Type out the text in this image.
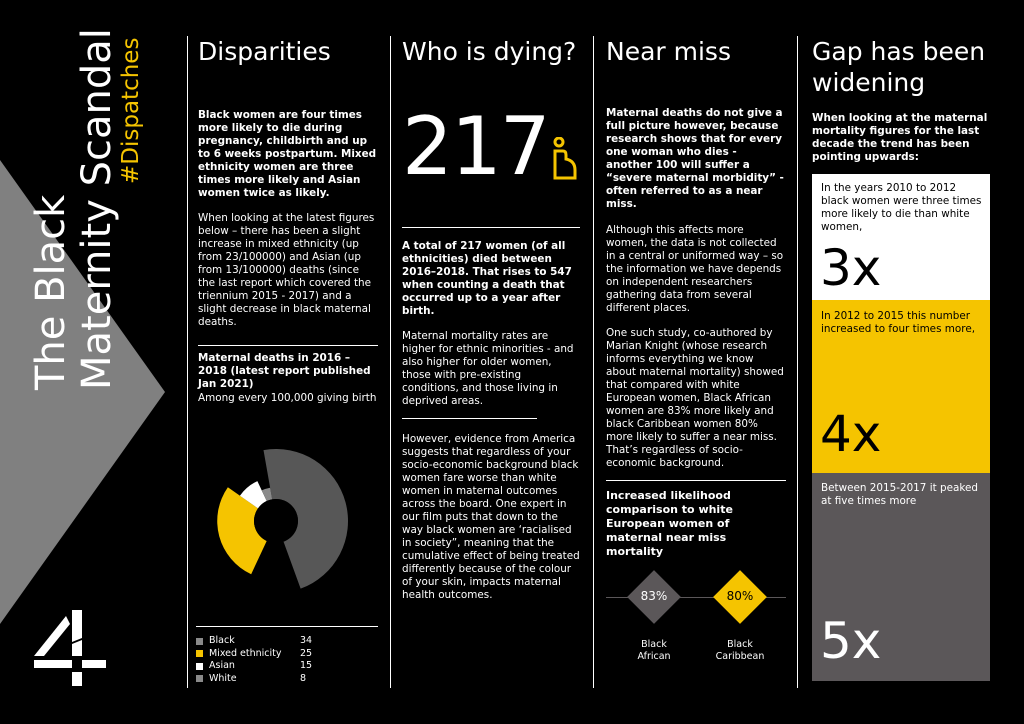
The Black Maternity Scandal
#Dispatches Disparities

Black women are four times more likely to die during pregnancy, childbirth and up to 6 weeks postpartum. Mixed ethnicity women are three times more likely and Asian women twice as likely.

When looking at the latest figures below – there has been a slight increase in mixed ethnicity (up from 23/100000) and Asian (up from 13/100000) deaths (since the last report which covered the triennium 2015 - 2017) and a slight decrease in black maternal deaths.

Maternal deaths in 2016 – 2018 (latest report published Jan 2021)

Among every 100,000 giving birth

Black	34
Mixed ethnicity 25
Asian	15
White	8
Who is dying?
217

A total of 217 women (of all ethnicities) died between 2016–2018. That rises to 547 when counting a death that occurred up to a year after birth.

Maternal mortality rates are higher for ethnic minorities - and also higher for older women, those with pre-existing conditions, and those living in deprived areas.

However, evidence from America suggests that regardless of your socio-economic background black women fare worse than white women in maternal outcomes across the board. One expert in our film puts that down to the way black women are ‘racialised in society”, meaning that the cumulative effect of being treated differently because of the colour of your skin, impacts maternal health outcomes.

Near miss

Maternal deaths do not give a full picture however, because research shows that for every one woman who dies - another 100 will suffer a “severe maternal morbidity” - often referred to as a near miss.

Although this affects more women, the data is not collected in a central or uniformed way – so the information we have depends on independent researchers gathering data from several different places.

One such study, co-authored by Marian Knight (whose research informs everything we know about maternal mortality) showed that compared with white European women, Black African women are 83% more likely and black Caribbean women 80% more likely to suffer a near miss. That’s regardless of socio-economic background.

Increased likelihood comparison to white European women of maternal near miss mortality

83%	80%
Black
African
Black
Caribbean
Gap has been
widening

When looking at the maternal mortality figures for the last decade the trend has been pointing upwards:

In the years 2010 to 2012 black women were three times more likely to die than white women,

3x

In 2012 to 2015 this number increased to four times more,

4x

Between 2015-2017 it peaked at five times more

5x
